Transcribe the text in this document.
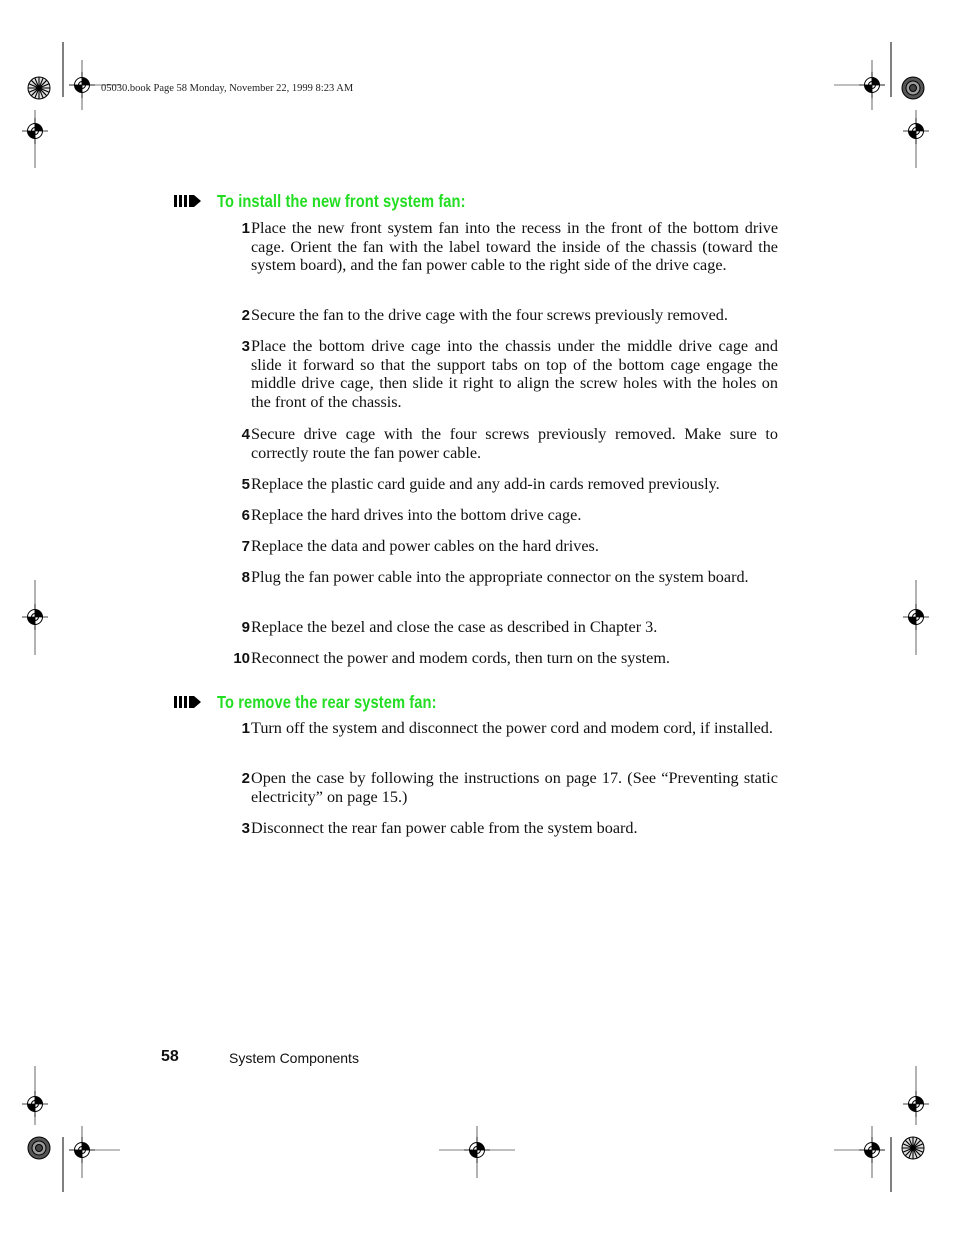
05030.book Page 58 Monday, November 22, 1999 8:23 AM
To install the new front system fan:
1 Place the new front system fan into the recess in the front of the bottom drive cage. Orient the fan with the label toward the inside of the chassis (toward the system board), and the fan power cable to the right side of the drive cage.
2 Secure the fan to the drive cage with the four screws previously removed.
3 Place the bottom drive cage into the chassis under the middle drive cage and slide it forward so that the support tabs on top of the bottom cage engage the middle drive cage, then slide it right to align the screw holes with the holes on the front of the chassis.
4 Secure drive cage with the four screws previously removed. Make sure to correctly route the fan power cable.
5 Replace the plastic card guide and any add-in cards removed previously.
6 Replace the hard drives into the bottom drive cage.
7 Replace the data and power cables on the hard drives.
8 Plug the fan power cable into the appropriate connector on the system board.
9 Replace the bezel and close the case as described in Chapter 3.
10 Reconnect the power and modem cords, then turn on the system.
To remove the rear system fan:
1 Turn off the system and disconnect the power cord and modem cord, if installed.
2 Open the case by following the instructions on page 17. (See “Preventing static electricity” on page 15.)
3 Disconnect the rear fan power cable from the system board.
58	System Components
